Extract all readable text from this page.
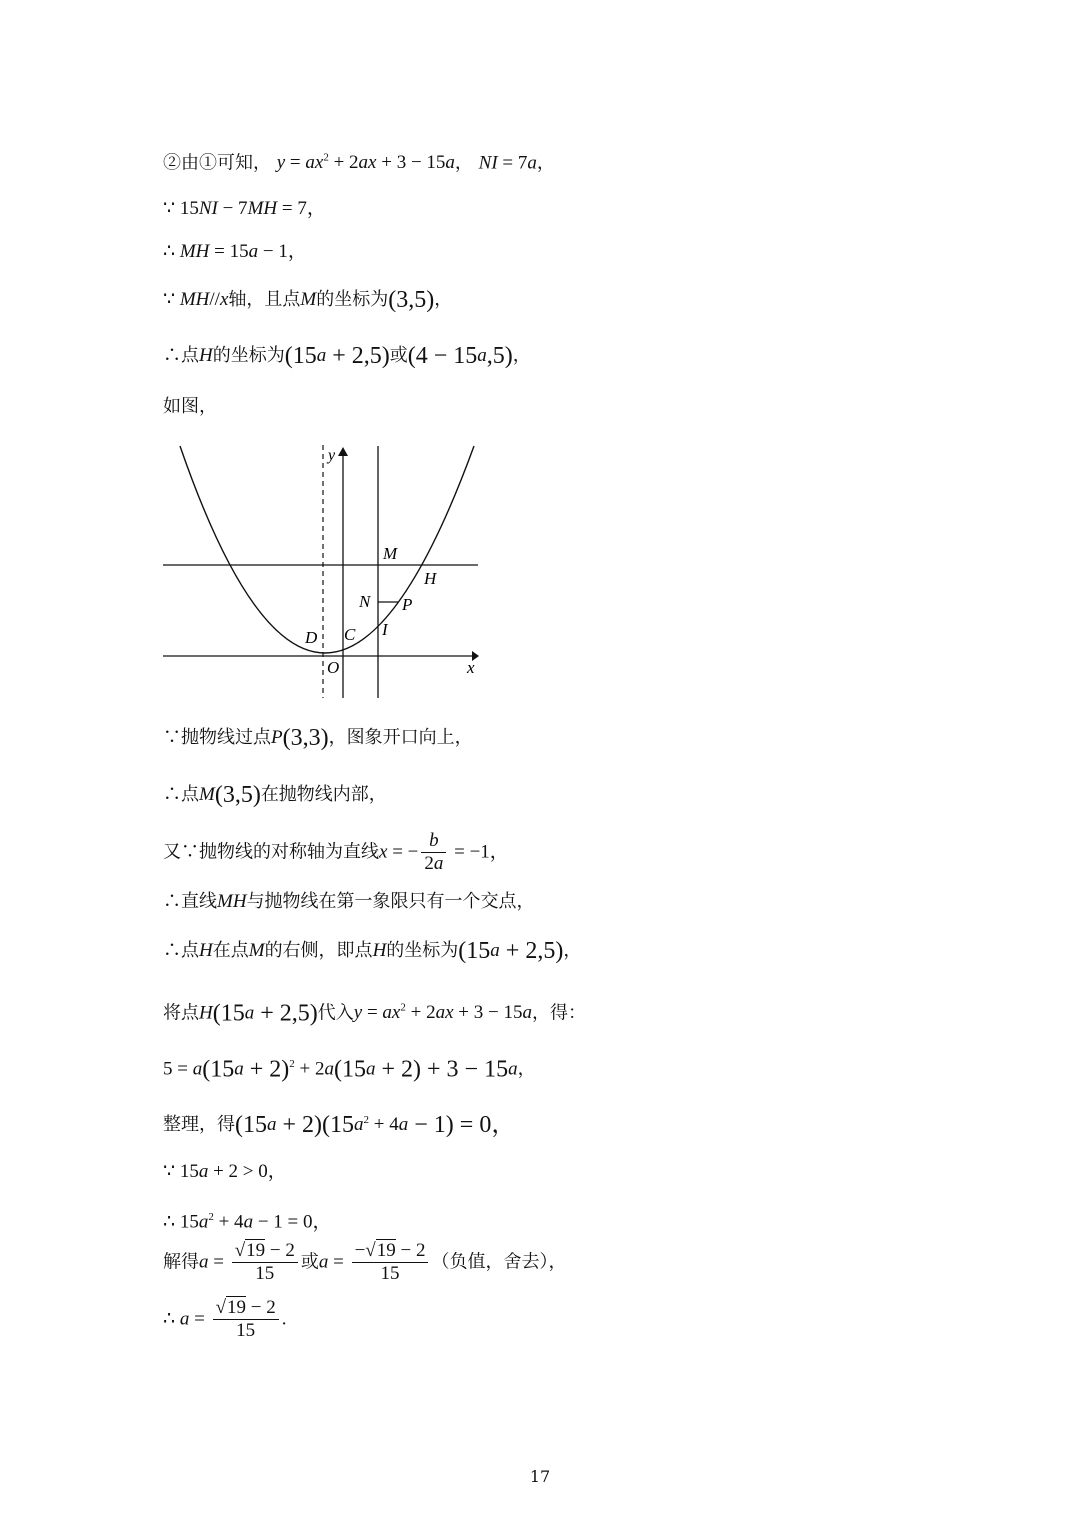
②由①可知， $y = ax^2 + 2ax + 3 - 15a$， NI = 7a，
∵ 15NI − 7MH = 7，
∴ MH = 15a − 1，
∵ MH//x轴，且点M的坐标为(3,5)，
∴点H的坐标为(15a + 2,5)或(4 − 15a,5)，
如图，
y
x
O
M
H
N P
C I
D
∵抛物线过点P(3,3)，图象开口向上，
∴点M(3,5)在抛物线内部，
又∵抛物线的对称轴为直线x = − $\frac{b}{2a} = -1$，
∴直线MH与抛物线在第一象限只有一个交点，
∴点H在点M的右侧，即点H的坐标为(15a + 2,5)，
将点H(15a + 2,5)代入$y = ax^2 + 2ax + 3 - 15a$，得：
$5 = a(15a + 2)^2 + 2a(15a + 2) + 3 - 15a$，
整理，得$(15a + 2)(15a^2 + 4a - 1) = 0$，
∵ 15a + 2 > 0，
∴ $15a^2 + 4a - 1 = 0$，
解得$a = \frac{√19 - 2}{15}$ 或$a = \frac{-√19 - 2}{15}$ （负值，舍去），
∴ $a = \frac{√19 - 2}{15}$ .
17
